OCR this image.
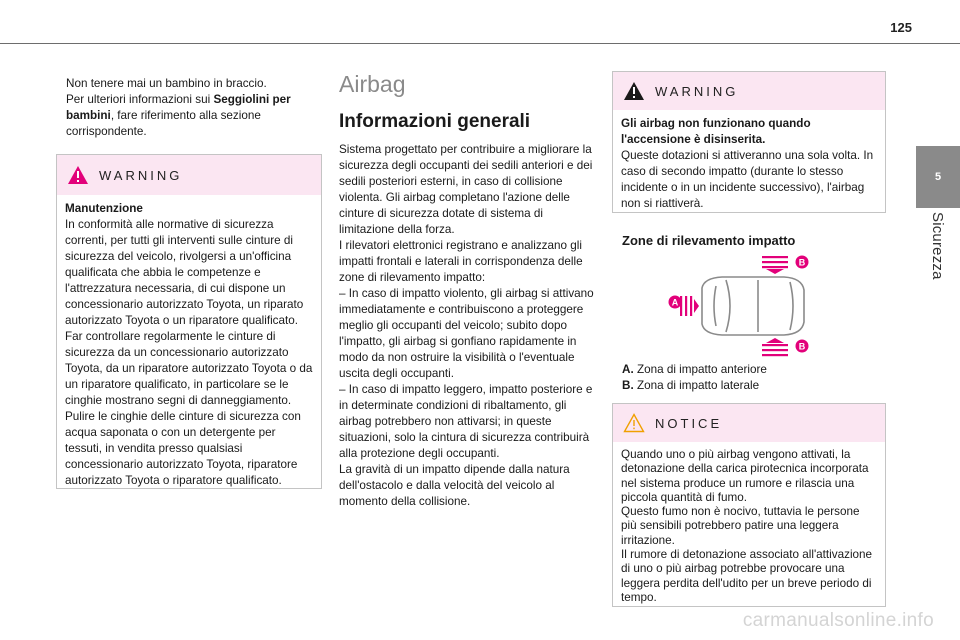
125
5
Sicurezza

Non tenere mai un bambino in braccio.
Per ulteriori informazioni sui Seggiolini per bambini, fare riferimento alla sezione corrispondente.

WARNING

Manutenzione

In conformità alle normative di sicurezza correnti, per tutti gli interventi sulle cinture di sicurezza del veicolo, rivolgersi a un'officina qualificata che abbia le competenze e l'attrezzatura necessaria, di cui dispone un concessionario autorizzato Toyota, un riparato autorizzato Toyota o un riparatore qualificato.

Far controllare regolarmente le cinture di sicurezza da un concessionario autorizzato Toyota, da un riparatore autorizzato Toyota o da un riparatore qualificato, in particolare se le cinghie mostrano segni di danneggiamento.

Pulire le cinghie delle cinture di sicurezza con acqua saponata o con un detergente per tessuti, in vendita presso qualsiasi concessionario autorizzato Toyota, riparatore autorizzato Toyota o riparatore qualificato.

Airbag
Informazioni generali

Sistema progettato per contribuire a migliorare la sicurezza degli occupanti dei sedili anteriori e dei sedili posteriori esterni, in caso di collisione violenta. Gli airbag completano l'azione delle cinture di sicurezza dotate di sistema di limitazione della forza.

I rilevatori elettronici registrano e analizzano gli impatti frontali e laterali in corrispondenza delle zone di rilevamento impatto:

– In caso di impatto violento, gli airbag si attivano immediatamente e contribuiscono a proteggere meglio gli occupanti del veicolo; subito dopo l'impatto, gli airbag si gonfiano rapidamente in modo da non ostruire la visibilità o l'eventuale uscita degli occupanti.

– In caso di impatto leggero, impatto posteriore e in determinate condizioni di ribaltamento, gli airbag potrebbero non attivarsi; in queste situazioni, solo la cintura di sicurezza contribuirà alla protezione degli occupanti.

La gravità di un impatto dipende dalla natura dell'ostacolo e dalla velocità del veicolo al momento della collisione.

WARNING

Gli airbag non funzionano quando l'accensione è disinserita.

Queste dotazioni si attiveranno una sola volta. In caso di secondo impatto (durante lo stesso incidente o in un incidente successivo), l'airbag non si riattiverà.

Zone di rilevamento impatto
A
B
B

A. Zona di impatto anteriore

B. Zona di impatto laterale

NOTICE

Quando uno o più airbag vengono attivati, la detonazione della carica pirotecnica incorporata nel sistema produce un rumore e rilascia una piccola quantità di fumo.

Questo fumo non è nocivo, tuttavia le persone più sensibili potrebbero patire una leggera irritazione.

Il rumore di detonazione associato all'attivazione di uno o più airbag potrebbe provocare una leggera perdita dell'udito per un breve periodo di tempo.

carmanualsonline.info
